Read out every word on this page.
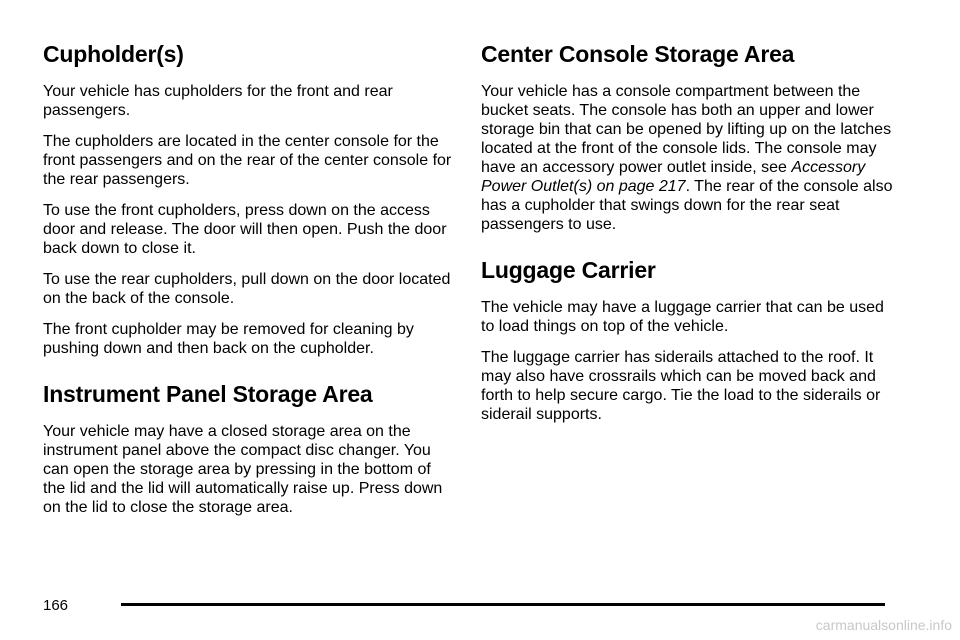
Cupholder(s)

Your vehicle has cupholders for the front and rear passengers.

The cupholders are located in the center console for the front passengers and on the rear of the center console for the rear passengers.

To use the front cupholders, press down on the access door and release. The door will then open. Push the door back down to close it.

To use the rear cupholders, pull down on the door located on the back of the console.

The front cupholder may be removed for cleaning by pushing down and then back on the cupholder.

Instrument Panel Storage Area

Your vehicle may have a closed storage area on the instrument panel above the compact disc changer. You can open the storage area by pressing in the bottom of the lid and the lid will automatically raise up. Press down on the lid to close the storage area.

Center Console Storage Area

Your vehicle has a console compartment between the bucket seats. The console has both an upper and lower storage bin that can be opened by lifting up on the latches located at the front of the console lids. The console may have an accessory power outlet inside, see Accessory Power Outlet(s) on page 217. The rear of the console also has a cupholder that swings down for the rear seat passengers to use.

Luggage Carrier

The vehicle may have a luggage carrier that can be used to load things on top of the vehicle.

The luggage carrier has siderails attached to the roof. It may also have crossrails which can be moved back and forth to help secure cargo. Tie the load to the siderails or siderail supports.

166
carmanualsonline.info
